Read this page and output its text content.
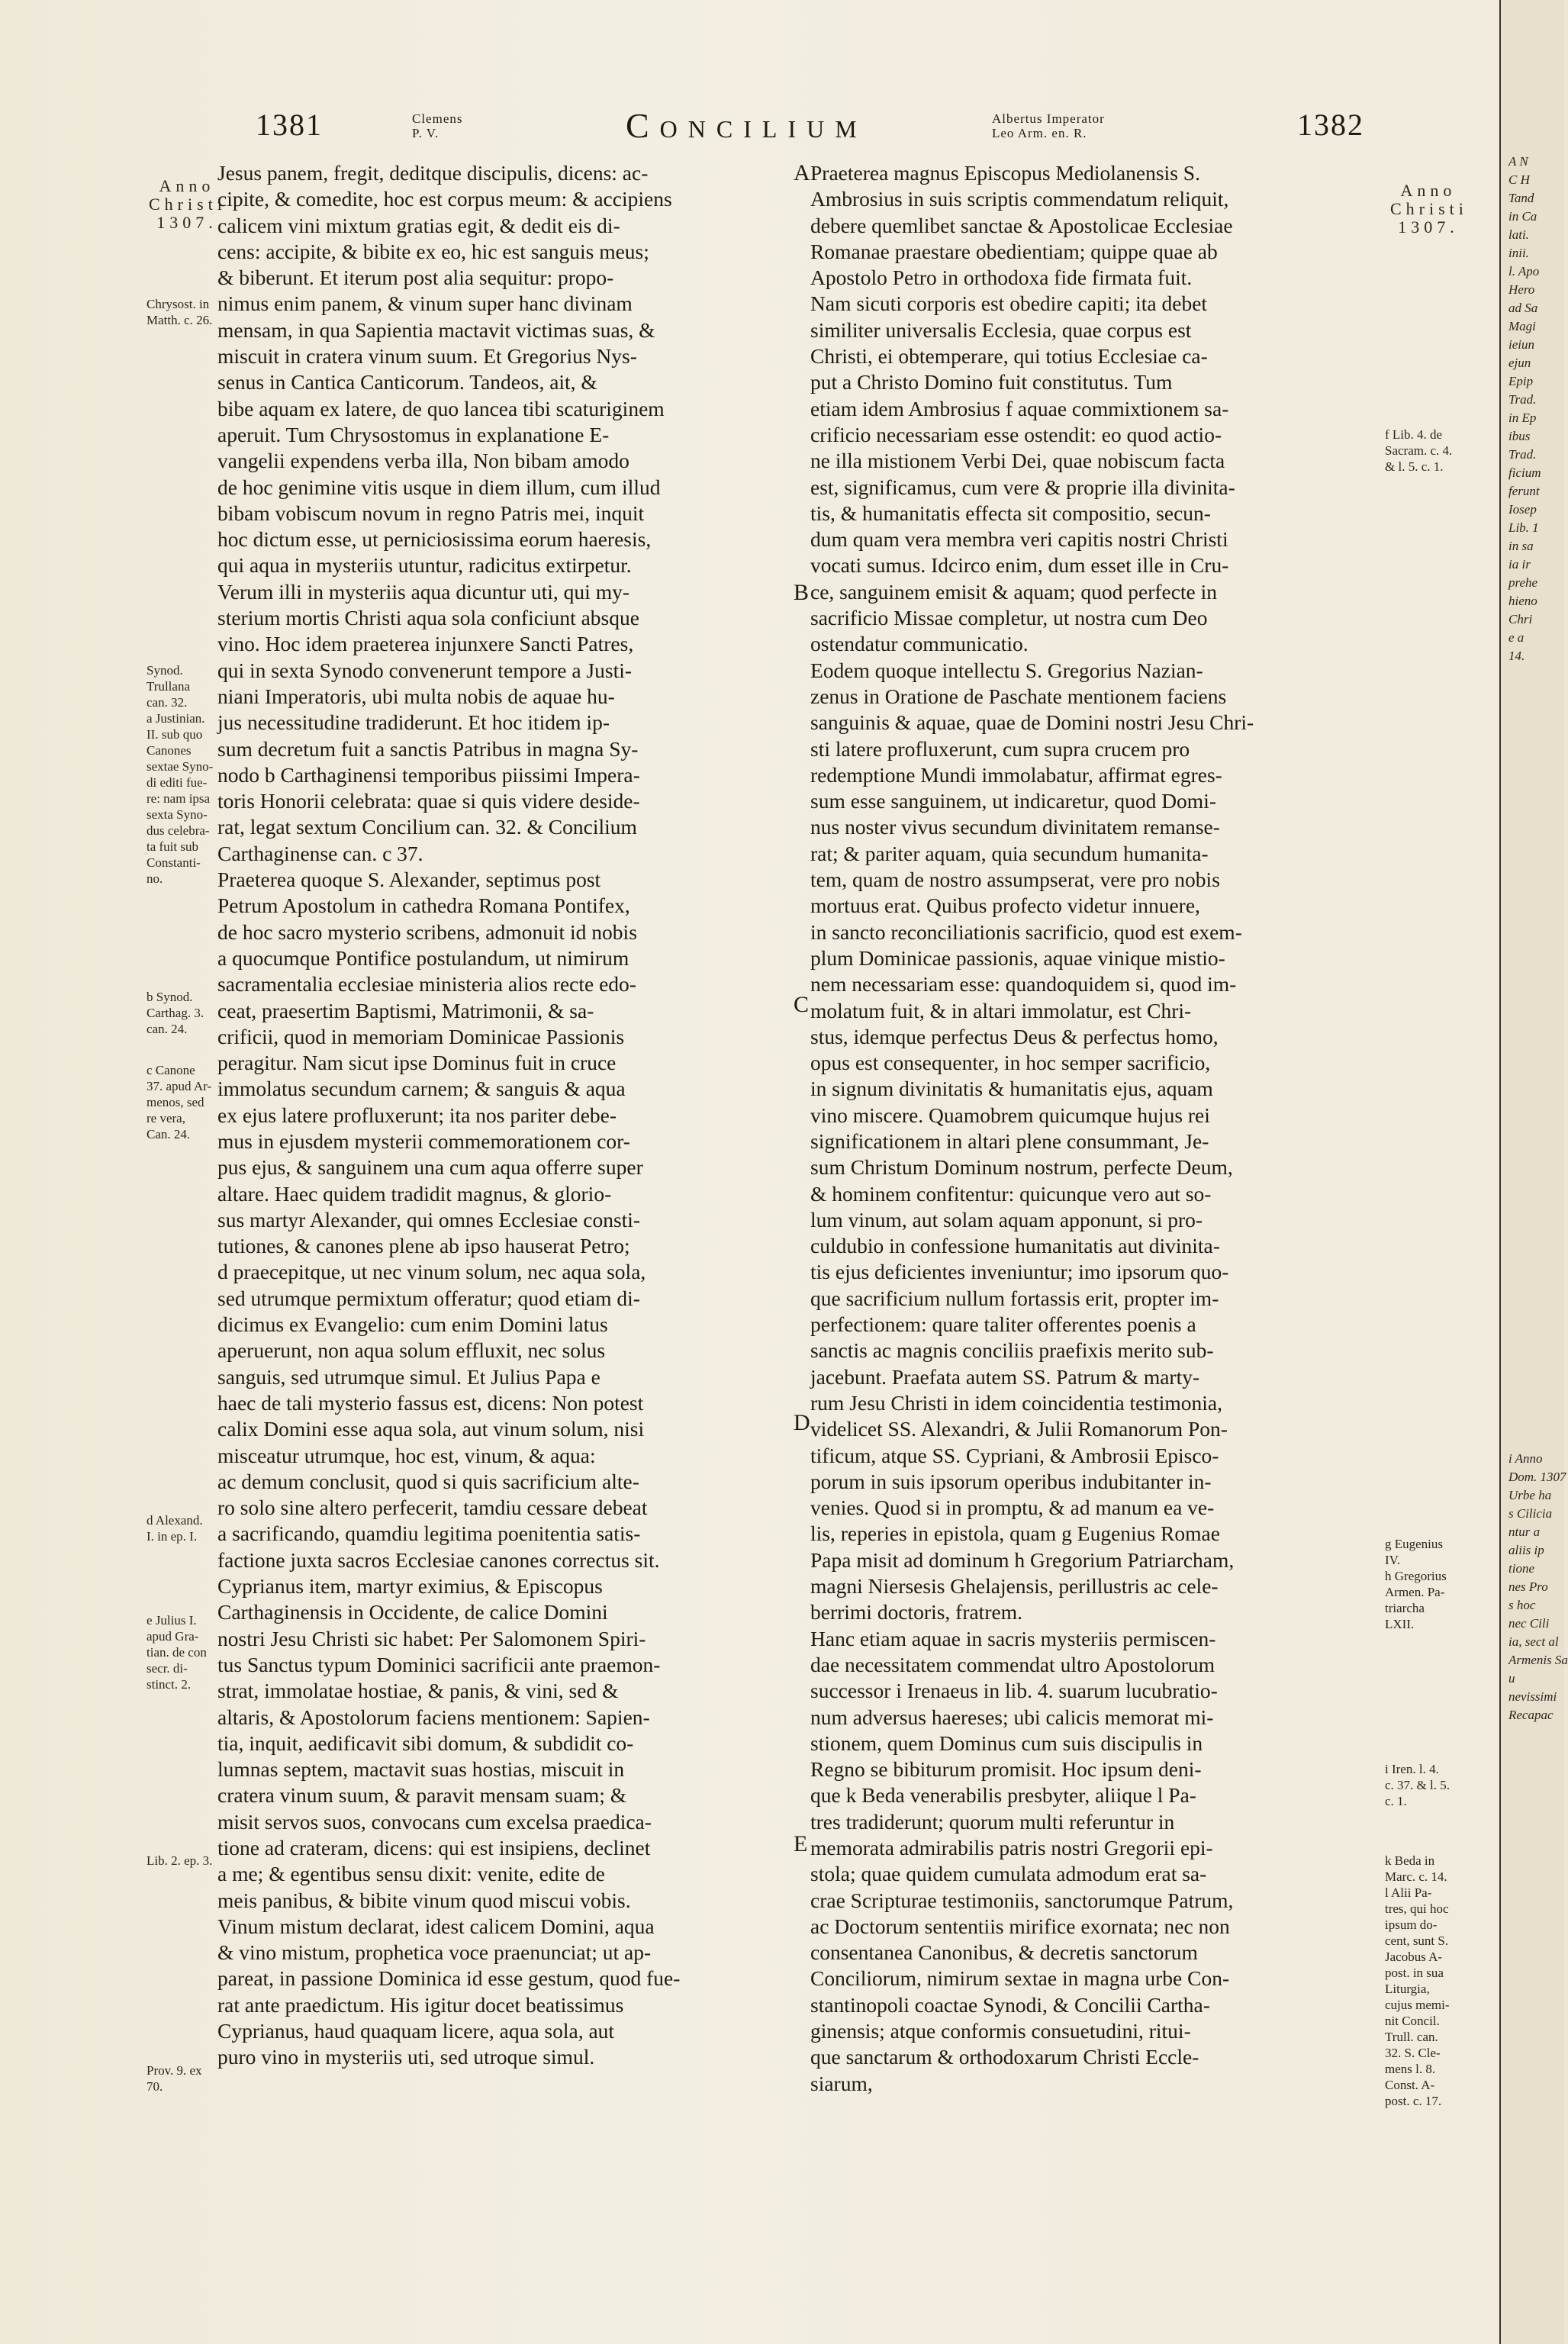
1381	Clemens
P. V.	Concilium	Albertus Imperator
Leo Arm. en. R.	1382
Anno
Christi
1307.
Anno
Christi
1307.
Jesus panem, fregit, deditque discipulis, dicens: ac-
cipite, & comedite, hoc est corpus meum: & accipiens
calicem vini mixtum gratias egit, & dedit eis di-
cens: accipite, & bibite ex eo, hic est sanguis meus;
& biberunt. Et iterum post alia sequitur: propo-
nimus enim panem, & vinum super hanc divinam
mensam, in qua Sapientia mactavit victimas suas, &
miscuit in cratera vinum suum. Et Gregorius Nys-
senus in Cantica Canticorum. Tandeos, ait, &
bibe aquam ex latere, de quo lancea tibi scaturiginem
aperuit. Tum Chrysostomus in explanatione E-
vangelii expendens verba illa, Non bibam amodo
de hoc genimine vitis usque in diem illum, cum illud
bibam vobiscum novum in regno Patris mei, inquit
hoc dictum esse, ut perniciosissima eorum haeresis,
qui aqua in mysteriis utuntur, radicitus extirpetur.
Verum illi in mysteriis aqua dicuntur uti, qui my-
sterium mortis Christi aqua sola conficiunt absque
vino. Hoc idem praeterea injunxere Sancti Patres,
qui in sexta Synodo convenerunt tempore a Justi-
niani Imperatoris, ubi multa nobis de aquae hu-
jus necessitudine tradiderunt. Et hoc itidem ip-
sum decretum fuit a sanctis Patribus in magna Sy-
nodo b Carthaginensi temporibus piissimi Impera-
toris Honorii celebrata: quae si quis videre deside-
rat, legat sextum Concilium can. 32. & Concilium
Carthaginense can. c 37.
Praeterea quoque S. Alexander, septimus post
Petrum Apostolum in cathedra Romana Pontifex,
de hoc sacro mysterio scribens, admonuit id nobis
a quocumque Pontifice postulandum, ut nimirum
sacramentalia ecclesiae ministeria alios recte edo-
ceat, praesertim Baptismi, Matrimonii, & sa-
crificii, quod in memoriam Dominicae Passionis
peragitur. Nam sicut ipse Dominus fuit in cruce
immolatus secundum carnem; & sanguis & aqua
ex ejus latere profluxerunt; ita nos pariter debe-
mus in ejusdem mysterii commemorationem cor-
pus ejus, & sanguinem una cum aqua offerre super
altare. Haec quidem tradidit magnus, & glorio-
sus martyr Alexander, qui omnes Ecclesiae consti-
tutiones, & canones plene ab ipso hauserat Petro;
d praecepitque, ut nec vinum solum, nec aqua sola,
sed utrumque permixtum offeratur; quod etiam di-
dicimus ex Evangelio: cum enim Domini latus
aperuerunt, non aqua solum effluxit, nec solus
sanguis, sed utrumque simul. Et Julius Papa e
haec de tali mysterio fassus est, dicens: Non potest
calix Domini esse aqua sola, aut vinum solum, nisi
misceatur utrumque, hoc est, vinum, & aqua:
ac demum conclusit, quod si quis sacrificium alte-
ro solo sine altero perfecerit, tamdiu cessare debeat
a sacrificando, quamdiu legitima poenitentia satis-
factione juxta sacros Ecclesiae canones correctus sit.
Cyprianus item, martyr eximius, & Episcopus
Carthaginensis in Occidente, de calice Domini
nostri Jesu Christi sic habet: Per Salomonem Spiri-
tus Sanctus typum Dominici sacrificii ante praemon-
strat, immolatae hostiae, & panis, & vini, sed &
altaris, & Apostolorum faciens mentionem: Sapien-
tia, inquit, aedificavit sibi domum, & subdidit co-
lumnas septem, mactavit suas hostias, miscuit in
cratera vinum suum, & paravit mensam suam; &
misit servos suos, convocans cum excelsa praedica-
tione ad crateram, dicens: qui est insipiens, declinet
a me; & egentibus sensu dixit: venite, edite de
meis panibus, & bibite vinum quod miscui vobis.
Vinum mistum declarat, idest calicem Domini, aqua
& vino mistum, prophetica voce praenunciat; ut ap-
pareat, in passione Dominica id esse gestum, quod fue-
rat ante praedictum. His igitur docet beatissimus
Cyprianus, haud quaquam licere, aqua sola, aut
puro vino in mysteriis uti, sed utroque simul.
Praeterea magnus Episcopus Mediolanensis S.
Ambrosius in suis scriptis commendatum reliquit,
debere quemlibet sanctae & Apostolicae Ecclesiae
Romanae praestare obedientiam; quippe quae ab
Apostolo Petro in orthodoxa fide firmata fuit.
Nam sicuti corporis est obedire capiti; ita debet
similiter universalis Ecclesia, quae corpus est
Christi, ei obtemperare, qui totius Ecclesiae ca-
put a Christo Domino fuit constitutus. Tum
etiam idem Ambrosius f aquae commixtionem sa-
crificio necessariam esse ostendit: eo quod actio-
ne illa mistionem Verbi Dei, quae nobiscum facta
est, significamus, cum vere & proprie illa divinita-
tis, & humanitatis effecta sit compositio, secun-
dum quam vera membra veri capitis nostri Christi
vocati sumus. Idcirco enim, dum esset ille in Cru-
ce, sanguinem emisit & aquam; quod perfecte in
sacrificio Missae completur, ut nostra cum Deo
ostendatur communicatio.
Eodem quoque intellectu S. Gregorius Nazian-
zenus in Oratione de Paschate mentionem faciens
sanguinis & aquae, quae de Domini nostri Jesu Chri-
sti latere profluxerunt, cum supra crucem pro
redemptione Mundi immolabatur, affirmat egres-
sum esse sanguinem, ut indicaretur, quod Domi-
nus noster vivus secundum divinitatem remanse-
rat; & pariter aquam, quia secundum humanita-
tem, quam de nostro assumpserat, vere pro nobis
mortuus erat. Quibus profecto videtur innuere,
in sancto reconciliationis sacrificio, quod est exem-
plum Dominicae passionis, aquae vinique mistio-
nem necessariam esse: quandoquidem si, quod im-
molatum fuit, & in altari immolatur, est Chri-
stus, idemque perfectus Deus & perfectus homo,
opus est consequenter, in hoc semper sacrificio,
in signum divinitatis & humanitatis ejus, aquam
vino miscere. Quamobrem quicumque hujus rei
significationem in altari plene consummant, Je-
sum Christum Dominum nostrum, perfecte Deum,
& hominem confitentur: quicunque vero aut so-
lum vinum, aut solam aquam apponunt, si pro-
culdubio in confessione humanitatis aut divinita-
tis ejus deficientes inveniuntur; imo ipsorum quo-
que sacrificium nullum fortassis erit, propter im-
perfectionem: quare taliter offerentes poenis a
sanctis ac magnis conciliis praefixis merito sub-
jacebunt. Praefata autem SS. Patrum & marty-
rum Jesu Christi in idem coincidentia testimonia,
videlicet SS. Alexandri, & Julii Romanorum Pon-
tificum, atque SS. Cypriani, & Ambrosii Episco-
porum in suis ipsorum operibus indubitanter in-
venies. Quod si in promptu, & ad manum ea ve-
lis, reperies in epistola, quam g Eugenius Romae
Papa misit ad dominum h Gregorium Patriarcham,
magni Niersesis Ghelajensis, perillustris ac cele-
berrimi doctoris, fratrem.
Hanc etiam aquae in sacris mysteriis permiscen-
dae necessitatem commendat ultro Apostolorum
successor i Irenaeus in lib. 4. suarum lucubratio-
num adversus haereses; ubi calicis memorat mi-
stionem, quem Dominus cum suis discipulis in
Regno se bibiturum promisit. Hoc ipsum deni-
que k Beda venerabilis presbyter, aliique l Pa-
tres tradiderunt; quorum multi referuntur in
memorata admirabilis patris nostri Gregorii epi-
stola; quae quidem cumulata admodum erat sa-
crae Scripturae testimoniis, sanctorumque Patrum,
ac Doctorum sententiis mirifice exornata; nec non
consentanea Canonibus, & decretis sanctorum
Conciliorum, nimirum sextae in magna urbe Con-
stantinopoli coactae Synodi, & Concilii Cartha-
ginensis; atque conformis consuetudini, ritui-
que sanctarum & orthodoxarum Christi Eccle-
siarum,
A
B
C
D
E
Chrysost. in
Matth. c. 26.
Synod.
Trullana
can. 32.
a Justinian.
II. sub quo
Canones
sextae Syno-
di editi fue-
re: nam ipsa
sexta Syno-
dus celebra-
ta fuit sub
Constanti-
no.
b Synod.
Carthag. 3.
can. 24.
c Canone
37. apud Ar-
menos, sed
re vera,
Can. 24.
d Alexand.
I. in ep. I.
e Julius I.
apud Gra-
tian. de con
secr. di-
stinct. 2.
Lib. 2. ep. 3.
Prov. 9. ex
70.
f Lib. 4. de
Sacram. c. 4.
& l. 5. c. 1.
g Eugenius
IV.
h Gregorius
Armen. Pa-
triarcha
LXII.
i Iren. l. 4.
c. 37. & l. 5.
c. 1.
k Beda in
Marc. c. 14.
l Alii Pa-
tres, qui hoc
ipsum do-
cent, sunt S.
Jacobus A-
post. in sua
Liturgia,
cujus memi-
nit Concil.
Trull. can.
32. S. Cle-
mens l. 8.
Const. A-
post. c. 17.
A N
C H
Tand
in Ca
lati.
inii.
l. Apo
Hero
ad Sa
Magi
ieiun
ejun
Epip
Trad.
in Ep
ibus
Trad.
ficium
ferunt
Iosep
Lib. 1
in sa
ia ir
prehe
hieno
Chri
e a
14.
i Anno
Dom. 1307
Urbe ha
s Cilicia
ntur a
aliis ip
tione
nes Pro
s hoc
nec Cili
ia, sect al
Armenis Sa
u
nevissimi
Recapac
